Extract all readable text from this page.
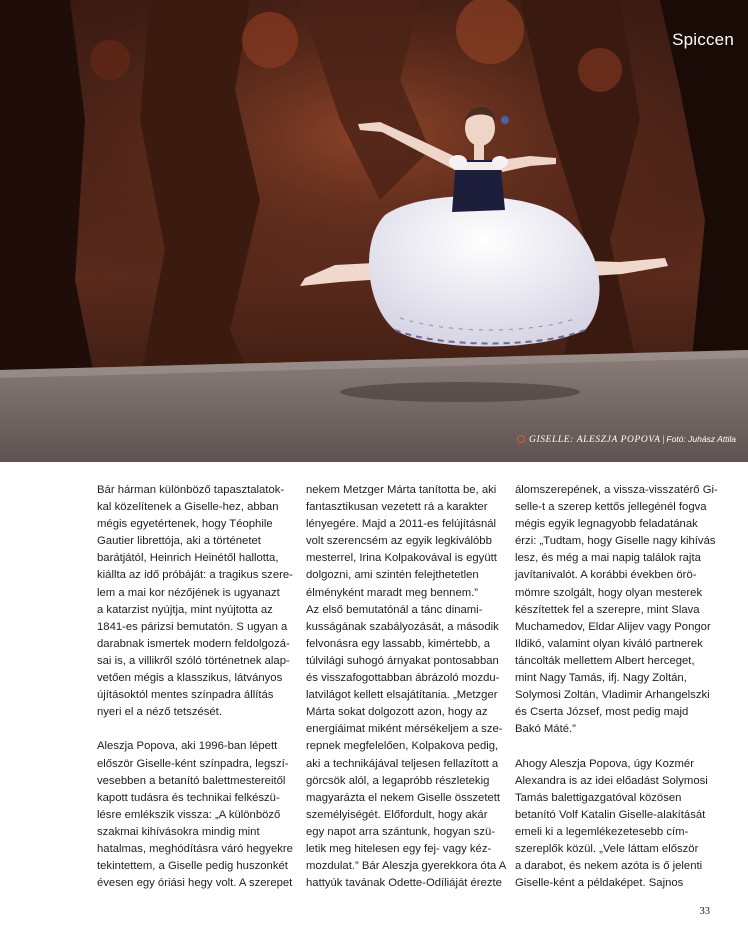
Spiccen
GISELLE: ALESZJA POPOVA | Fotó: Juhász Attila
Bár hárman különböző tapasztalatok-
kal közelítenek a Giselle-hez, abban
mégis egyetértenek, hogy Téophile
Gautier librettója, aki a történetet
barátjától, Heinrich Heinétől hallotta,
kiállta az idő próbáját: a tragikus szere-
lem a mai kor nézőjének is ugyanazt
a katarzist nyújtja, mint nyújtotta az
1841-es párizsi bemutatón. S ugyan a
darabnak ismertek modern feldolgozá-
sai is, a villikről szóló történetnek alap-
vetően mégis a klasszikus, látványos
újításoktól mentes színpadra állítás
nyeri el a néző tetszését.
Aleszja Popova, aki 1996-ban lépett
először Giselle-ként színpadra, legszí-
vesebben a betanító balettmestereitől
kapott tudásra és technikai felkészü-
lésre emlékszik vissza: „A különböző
szakmai kihívásokra mindig mint
hatalmas, meghódításra váró hegyekre
tekintettem, a Giselle pedig huszonkét
évesen egy óriási hegy volt. A szerepet
nekem Metzger Márta tanította be, aki
fantasztikusan vezetett rá a karakter
lényegére. Majd a 2011-es felújításnál
volt szerencsém az egyik legkiválóbb
mesterrel, Irina Kolpakovával is együtt
dolgozni, ami szintén felejthetetlen
élményként maradt meg bennem.”
Az első bemutatónál a tánc dinami-
kusságának szabályozását, a második
felvonásra egy lassabb, kimértebb, a
túlvilági suhogó árnyakat pontosabban
és visszafogottabban ábrázoló mozdu-
latvilágot kellett elsajátítania. „Metzger
Márta sokat dolgozott azon, hogy az
energiáimat miként mérsékeljem a sze-
repnek megfelelően, Kolpakova pedig,
aki a technikájával teljesen fellazított a
görcsök alól, a legapróbb részletekig
magyarázta el nekem Giselle összetett
személyiségét. Előfordult, hogy akár
egy napot arra szántunk, hogyan szü-
letik meg hitelesen egy fej- vagy kéz-
mozdulat.” Bár Aleszja gyerekkora óta A
hattyúk tavának Odette-Odíliáját érezte
álomszerepének, a vissza-visszatérő Gi-
selle-t a szerep kettős jellegénél fogva
mégis egyik legnagyobb feladatának
érzi: „Tudtam, hogy Giselle nagy kihívás
lesz, és még a mai napig találok rajta
javítanivalót. A korábbi években örö-
mömre szolgált, hogy olyan mesterek
készítettek fel a szerepre, mint Slava
Muchamedov, Eldar Alijev vagy Pongor
Ildikó, valamint olyan kiváló partnerek
táncolták mellettem Albert herceget,
mint Nagy Tamás, ifj. Nagy Zoltán,
Solymosi Zoltán, Vladimir Arhangelszki
és Cserta József, most pedig majd
Bakó Máté.”
Ahogy Aleszja Popova, úgy Kozmér
Alexandra is az idei előadást Solymosi
Tamás balettigazgatóval közösen
betanító Volf Katalin Giselle-alakítását
emeli ki a legemlékezetesebb cím-
szereplők közül. „Vele láttam először
a darabot, és nekem azóta is ő jelenti
Giselle-ként a példaképet. Sajnos
33
